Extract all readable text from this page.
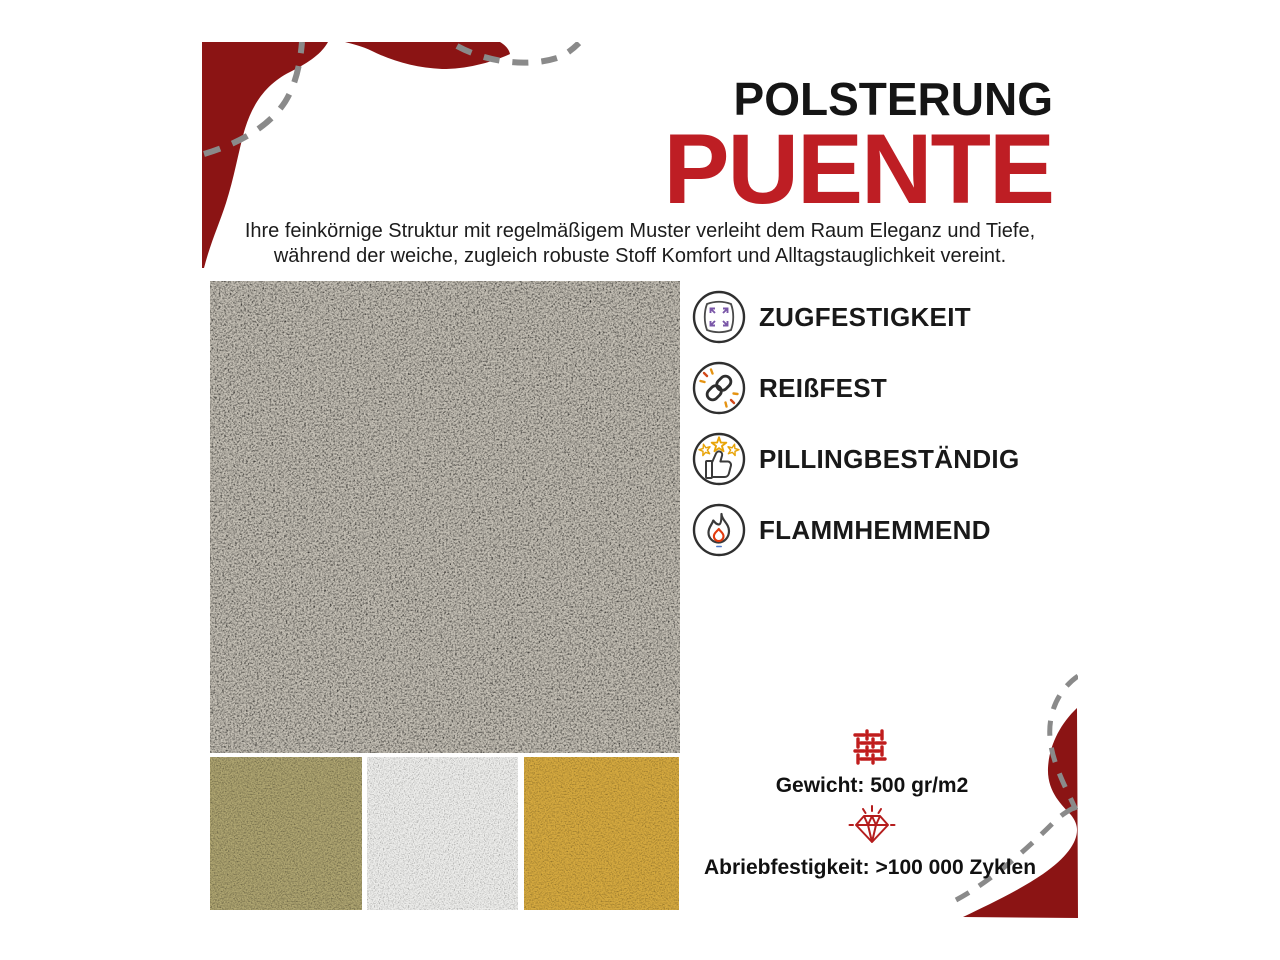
POLSTERUNG
PUENTE
Ihre feinkörnige Struktur mit regelmäßigem Muster verleiht dem Raum Eleganz und Tiefe,
während der weiche, zugleich robuste Stoff Komfort und Alltagstauglichkeit vereint.
ZUGFESTIGKEIT
REIßFEST
PILLINGBESTÄNDIG
FLAMMHEMMEND
Gewicht: 500 gr/m2
Abriebfestigkeit: >100 000 Zyklen
